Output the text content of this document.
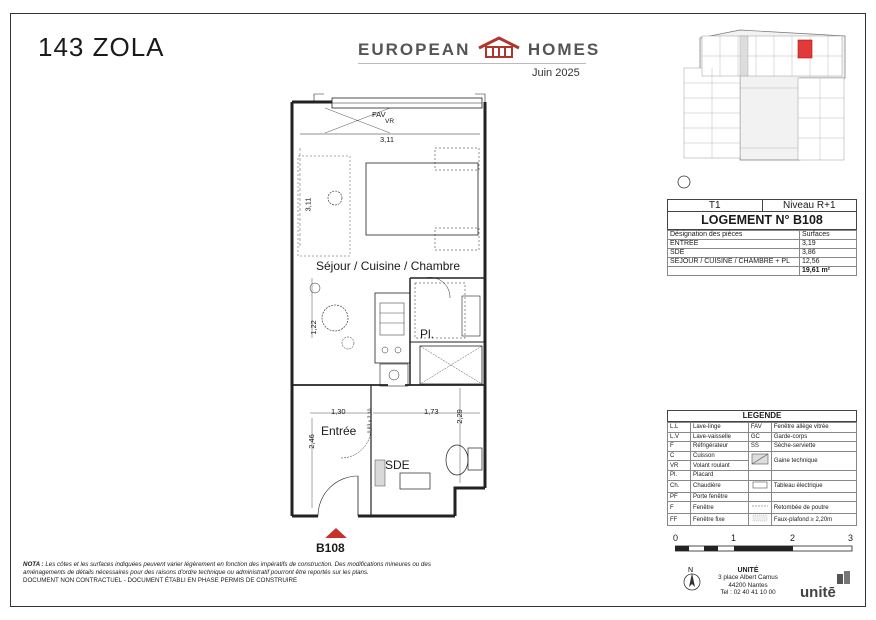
143 ZOLA	EUROPEAN	HOMES
Juin 2025
T1	Niveau R+1
LOGEMENT N° B108
Désignation des pièces	Surfaces
ENTREE	3,19
SDE	3,86
SEJOUR / CUISINE / CHAMBRE + PL	12,56
	19,61 m²
LEGENDE
L.L	Lave-linge	FAV	Fenêtre allège vitrée
L.V	Lave-vaisselle	GC	Garde-corps
F	Réfrigérateur	SS	Sèche-serviette
C	Cuisson		Gaine technique
VR	Volant roulant		
Pl.	Placard		
Ch.	Chaudière		Tableau électrique
PF	Porte fenêtre		
F	Fenêtre		Retombée de poutre
FF	Fenêtre fixe		Faux-plafond ≥ 2,20m
0	1	2	3
Séjour / Cuisine / Chambre
Entrée
SDE
Pl.
3,11
3,11
1,22
1,30	1,73 2,29
2,46
0,83 x 2,10
FAV
VR
B108
NOTA : Les côtes et les surfaces indiquées peuvent varier légèrement en fonction des impératifs de construction. Des modifications mineures ou des aménagements de détails nécessaires pour des raisons d'ordre technique ou administratif pourront être reportés sur les plans.
DOCUMENT NON CONTRACTUEL - DOCUMENT ÉTABLI EN PHASE PERMIS DE CONSTRUIRE
N	UNITÉ
3 place Albert Camus
44200 Nantes
Tel : 02 40 41 10 00	unitē
